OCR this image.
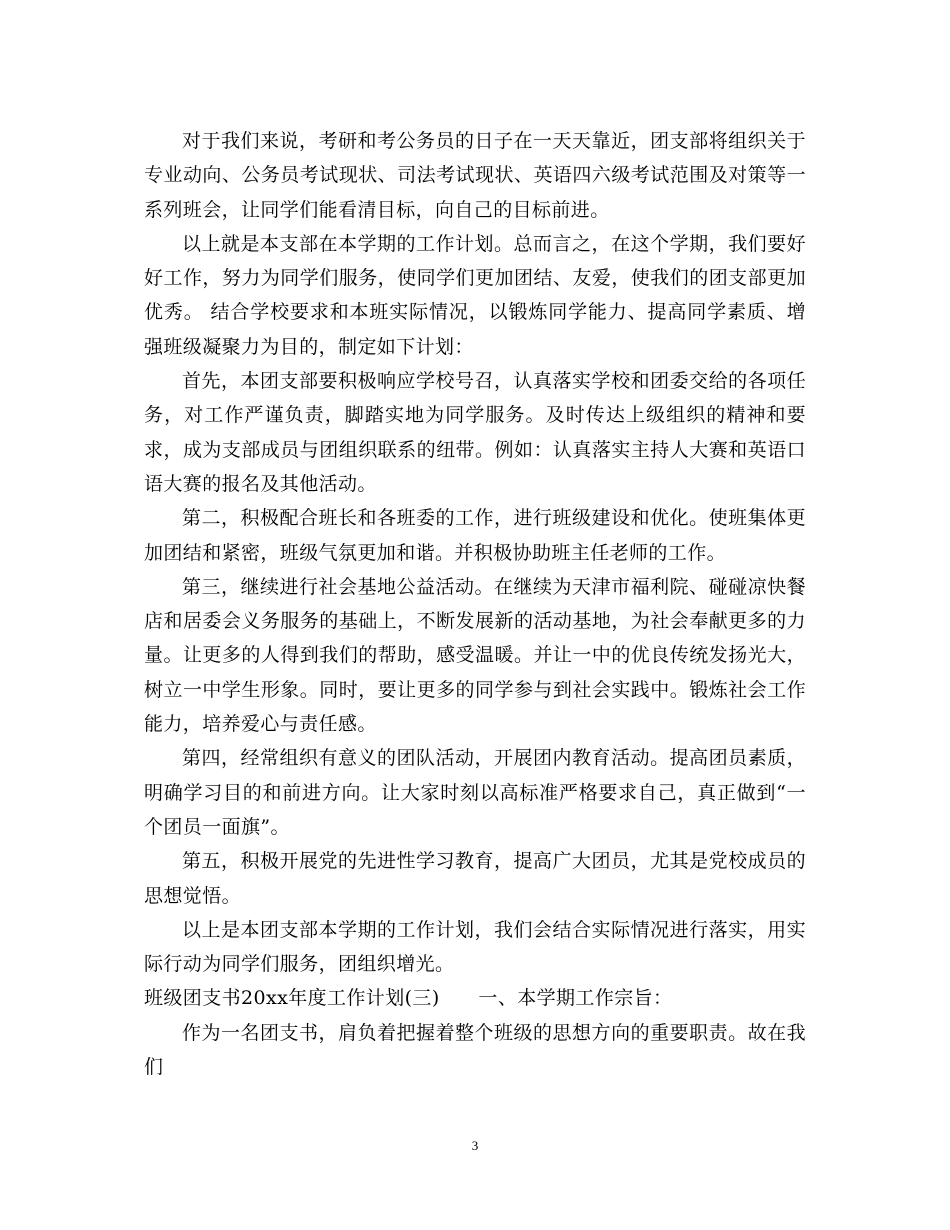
对于我们来说，考研和考公务员的日子在一天天靠近，团支部将组织关于专业动向、公务员考试现状、司法考试现状、英语四六级考试范围及对策等一系列班会，让同学们能看清目标，向自己的目标前进。

以上就是本支部在本学期的工作计划。总而言之，在这个学期，我们要好好工作，努力为同学们服务，使同学们更加团结、友爱，使我们的团支部更加优秀。 结合学校要求和本班实际情况，以锻炼同学能力、提高同学素质、增强班级凝聚力为目的，制定如下计划：

首先，本团支部要积极响应学校号召，认真落实学校和团委交给的各项任务，对工作严谨负责，脚踏实地为同学服务。及时传达上级组织的精神和要求，成为支部成员与团组织联系的纽带。例如：认真落实主持人大赛和英语口语大赛的报名及其他活动。

第二，积极配合班长和各班委的工作，进行班级建设和优化。使班集体更加团结和紧密，班级气氛更加和谐。并积极协助班主任老师的工作。

第三，继续进行社会基地公益活动。在继续为天津市福利院、碰碰凉快餐店和居委会义务服务的基础上，不断发展新的活动基地，为社会奉献更多的力量。让更多的人得到我们的帮助，感受温暖。并让一中的优良传统发扬光大，树立一中学生形象。同时，要让更多的同学参与到社会实践中。锻炼社会工作能力，培养爱心与责任感。

第四，经常组织有意义的团队活动，开展团内教育活动。提高团员素质，明确学习目的和前进方向。让大家时刻以高标准严格要求自己，真正做到“一个团员一面旗”。

第五，积极开展党的先进性学习教育，提高广大团员，尤其是党校成员的思想觉悟。

以上是本团支部本学期的工作计划，我们会结合实际情况进行落实，用实际行动为同学们服务，团组织增光。

班级团支书20xx年度工作计划(三)　　一、本学期工作宗旨：

作为一名团支书，肩负着把握着整个班级的思想方向的重要职责。故在我们

3
